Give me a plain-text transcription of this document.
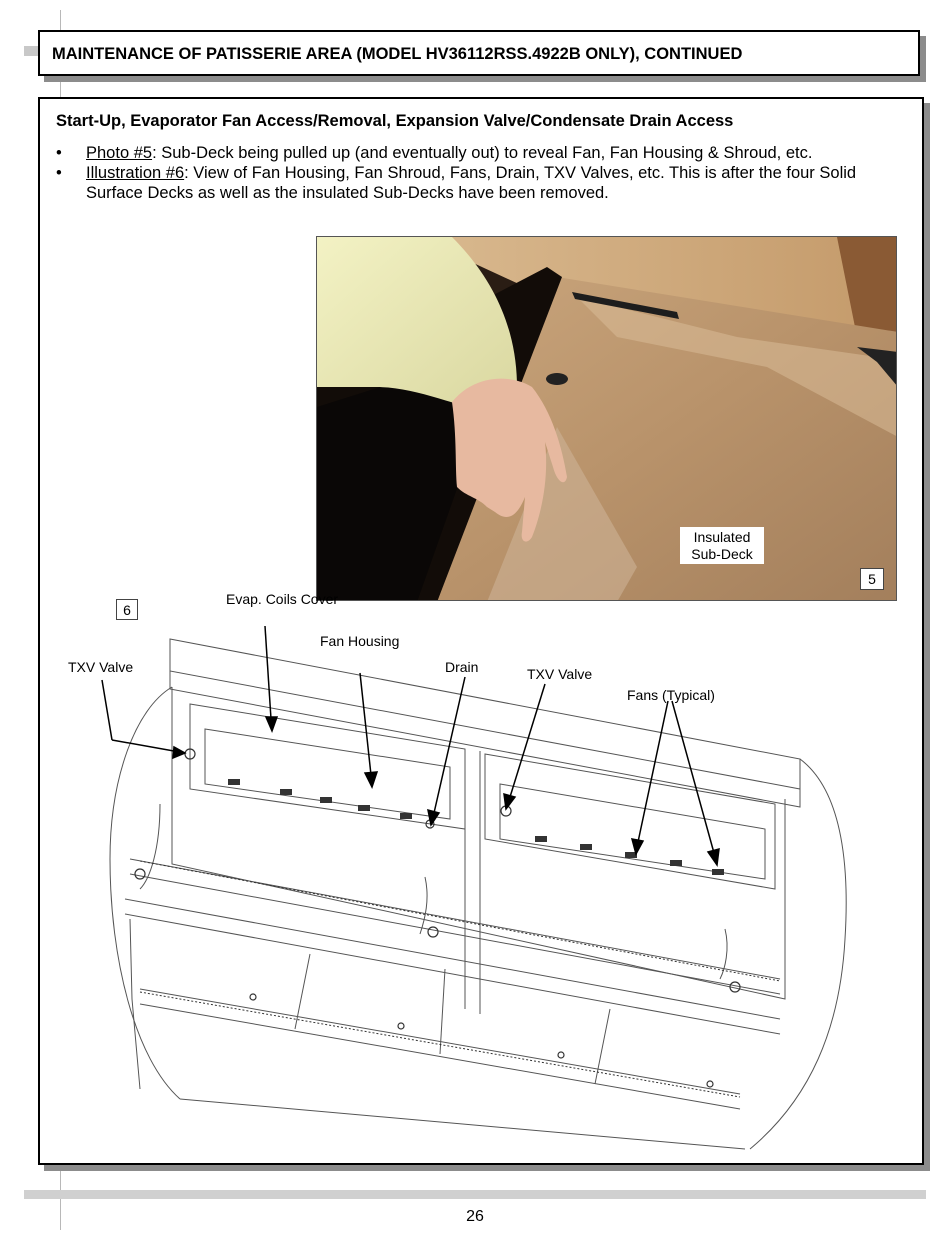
MAINTENANCE OF PATISSERIE AREA (MODEL HV36112RSS.4922B ONLY), CONTINUED
Start-Up, Evaporator Fan Access/Removal, Expansion Valve/Condensate Drain Access
• Photo #5: Sub-Deck being pulled up (and eventually out) to reveal Fan, Fan Housing & Shroud, etc.
• Illustration #6: View of Fan Housing, Fan Shroud, Fans, Drain, TXV Valves, etc. This is after the four Solid Surface Decks as well as the insulated Sub-Decks have been removed.
Insulated Sub-Deck
5
6
Evap. Coils Cover
Fan Housing
TXV Valve	Drain	TXV Valve
Fans (Typical)
26
